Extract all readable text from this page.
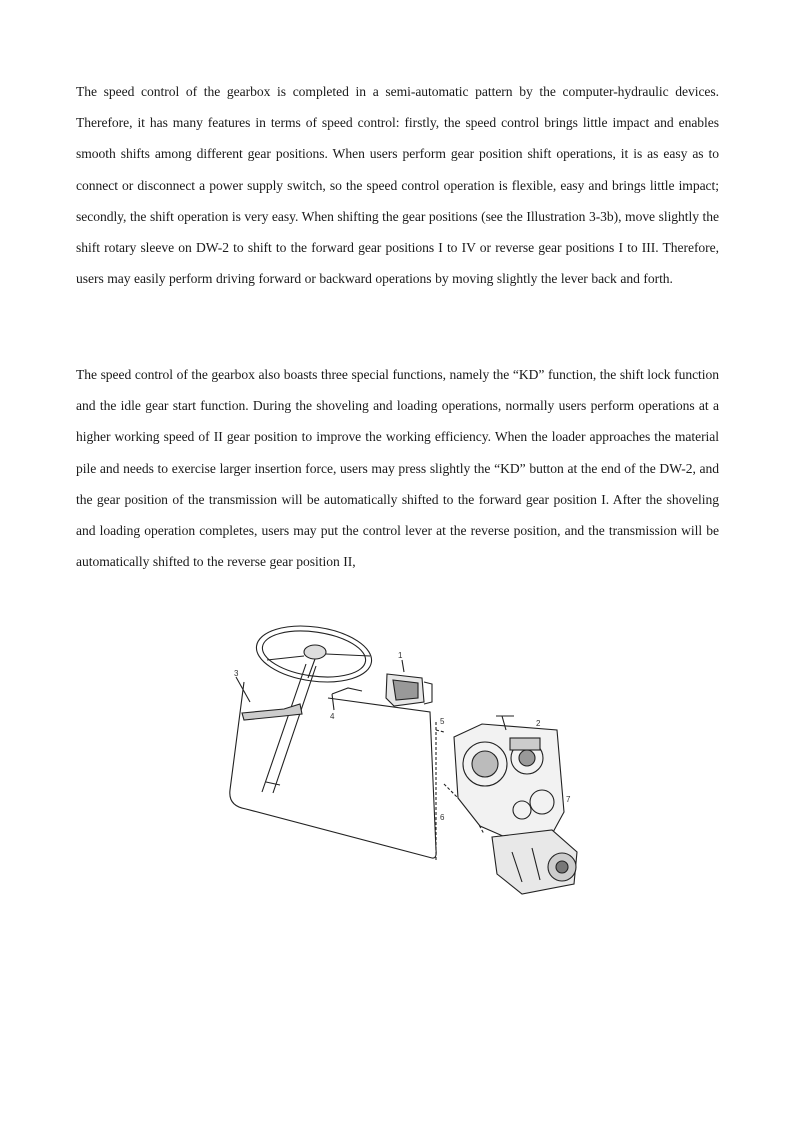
The speed control of the gearbox is completed in a semi-automatic pattern by the computer-hydraulic devices. Therefore, it has many features in terms of speed control: firstly, the speed control brings little impact and enables smooth shifts among different gear positions. When users perform gear position shift operations, it is as easy as to connect or disconnect a power supply switch, so the speed control operation is flexible, easy and brings little impact; secondly, the shift operation is very easy. When shifting the gear positions (see the Illustration 3-3b), move slightly the shift rotary sleeve on DW-2 to shift to the forward gear positions I to IV or reverse gear positions I to III. Therefore, users may easily perform driving forward or backward operations by moving slightly the lever back and forth.

The speed control of the gearbox also boasts three special functions, namely the “KD” function, the shift lock function and the idle gear start function. During the shoveling and loading operations, normally users perform operations at a higher working speed of II gear position to improve the working efficiency. When the loader approaches the material pile and needs to exercise larger insertion force, users may press slightly the “KD” button at the end of the DW-2, and the gear position of the transmission will be automatically shifted to the forward gear position I. After the shoveling and loading operation completes, users may put the control lever at the reverse position, and the transmission will be automatically shifted to the reverse gear position II,

1
2
3
4
5
6
7
